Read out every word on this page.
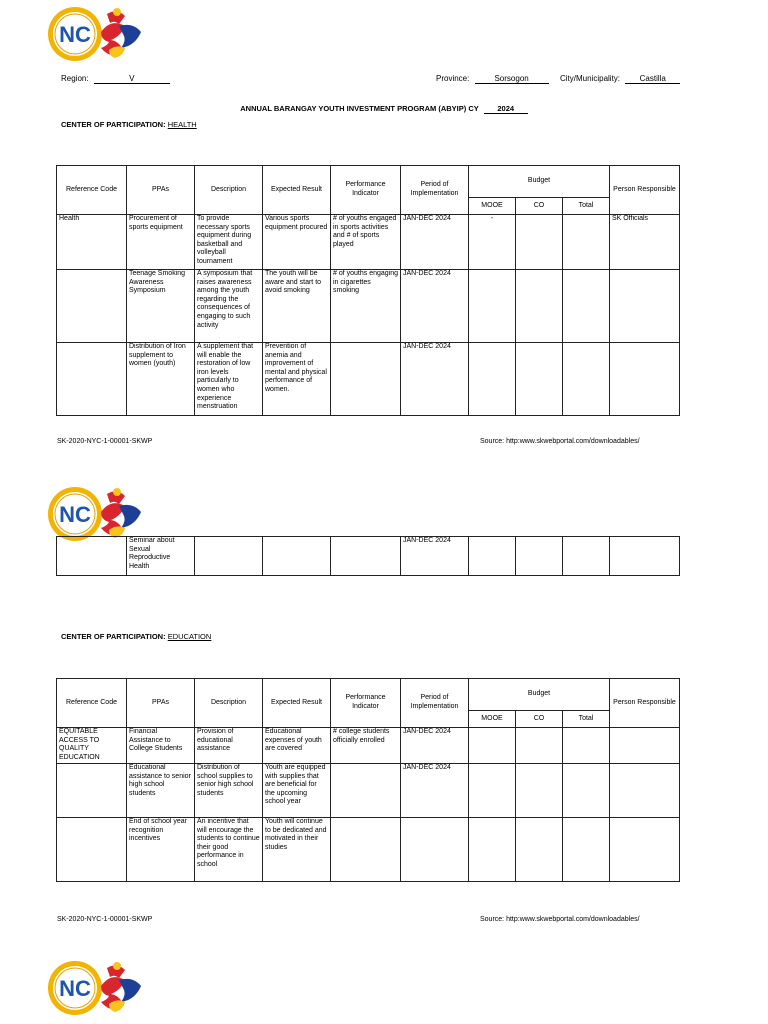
NC
Region:	V	Province:	Sorsogon	City/Municipality: Castilla
ANNUAL BARANGAY YOUTH INVESTMENT PROGRAM (ABYIP) CY	2024
CENTER OF PARTICIPATION: HEALTH
Reference Code	PPAs	Description	Expected Result	Performance Indicator	Period of Implementation	Budget			Person Responsible
						MOOE	CO	Total	
Health	Procurement of sports equipment	To provide necessary sports equipment during basketball and volleyball tournament	Various sports equipment procured	# of youths engaged in sports activities and # of sports played	JAN-DEC 2024	-			SK Officials
	Teenage Smoking Awareness Symposium	A symposium that raises awareness among the youth regarding the consequences of engaging to such activity	The youth will be aware and start to avoid smoking	# of youths engaging in cigarettes smoking	JAN-DEC 2024				
	Distribution of Iron supplement to women (youth)	A supplement that will enable the restoration of low iron levels particularly to women who experience menstruation	Prevention of anemia and improvement of mental and physical performance of women.		JAN-DEC 2024				
SK-2020-NYC-1-00001-SKWP	Source: http:www.skwebportal.com/downloadables/
NC
	Seminar about Sexual Reproductive Health				JAN-DEC 2024				
CENTER OF PARTICIPATION: EDUCATION
Reference Code	PPAs	Description	Expected Result	Performance Indicator	Period of Implementation	Budget			Person Responsible
						MOOE	CO	Total	
EQUITABLE ACCESS TO QUALITY EDUCATION	Financial Assistance to College Students	Provision of educational assistance	Educational expenses of youth are covered	# college students officially enrolled	JAN-DEC 2024				
	Educational assistance to senior high school students	Distribution of school supplies to senior high school students	Youth are equipped with supplies that are beneficial for the upcoming school year		JAN-DEC 2024				
	End of school year recognition incentives	An incentive that will encourage the students to continue their good performance in school	Youth will continue to be dedicated and motivated in their studies						
SK-2020-NYC-1-00001-SKWP	Source: http:www.skwebportal.com/downloadables/
NC
